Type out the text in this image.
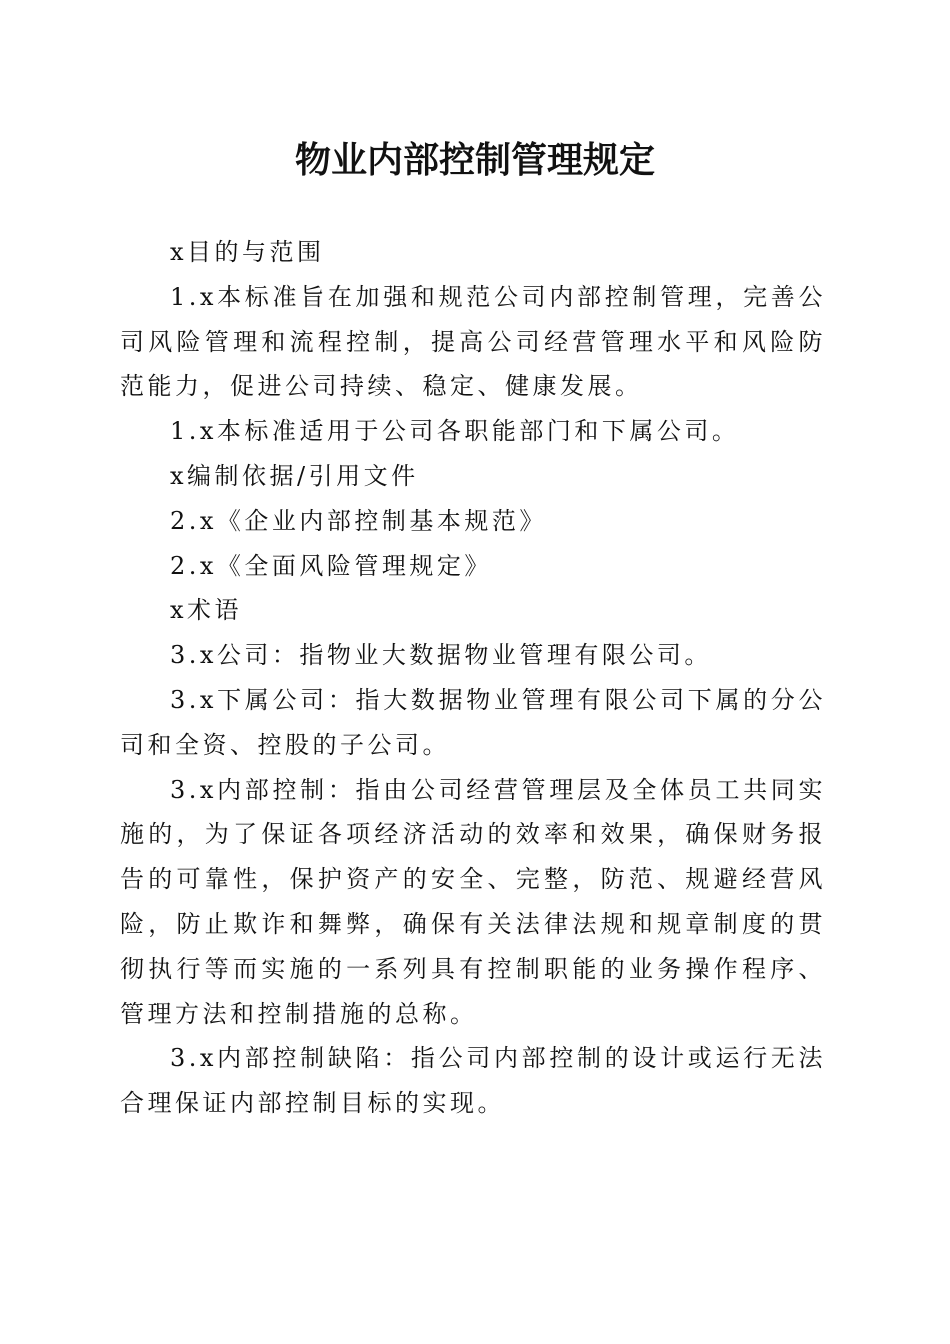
物业内部控制管理规定

x目的与范围

1.x本标准旨在加强和规范公司内部控制管理，完善公司风险管理和流程控制，提高公司经营管理水平和风险防范能力，促进公司持续、稳定、健康发展。

1.x本标准适用于公司各职能部门和下属公司。

x编制依据/引用文件

2.x《企业内部控制基本规范》

2.x《全面风险管理规定》

x术语

3.x公司：指物业大数据物业管理有限公司。

3.x下属公司：指大数据物业管理有限公司下属的分公司和全资、控股的子公司。

3.x内部控制：指由公司经营管理层及全体员工共同实施的，为了保证各项经济活动的效率和效果，确保财务报告的可靠性，保护资产的安全、完整，防范、规避经营风险，防止欺诈和舞弊，确保有关法律法规和规章制度的贯彻执行等而实施的一系列具有控制职能的业务操作程序、管理方法和控制措施的总称。

3.x内部控制缺陷：指公司内部控制的设计或运行无法合理保证内部控制目标的实现。
